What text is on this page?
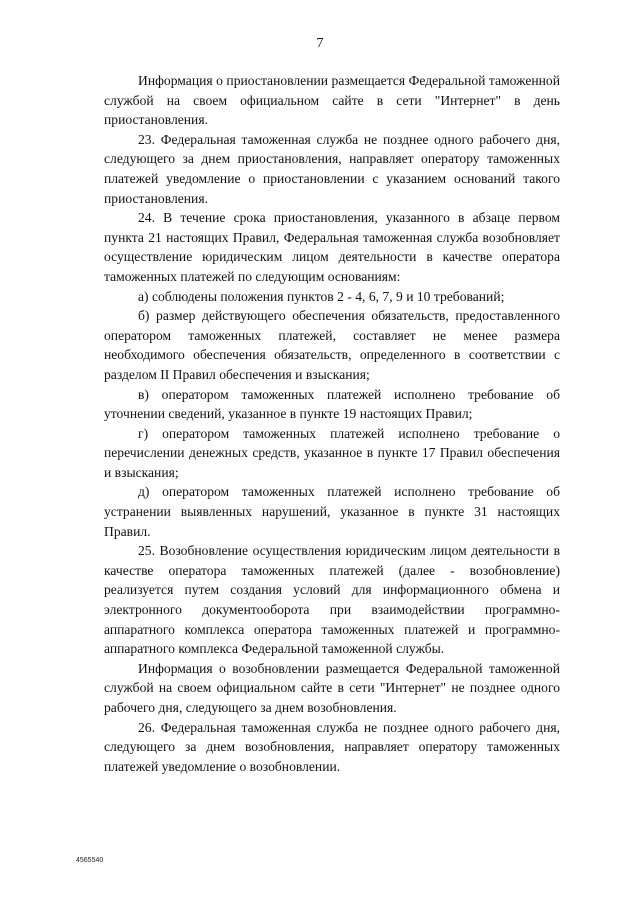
7

Информация о приостановлении размещается Федеральной таможенной службой на своем официальном сайте в сети "Интернет" в день приостановления.

23. Федеральная таможенная служба не позднее одного рабочего дня, следующего за днем приостановления, направляет оператору таможенных платежей уведомление о приостановлении с указанием оснований такого приостановления.

24. В течение срока приостановления, указанного в абзаце первом пункта 21 настоящих Правил, Федеральная таможенная служба возобновляет осуществление юридическим лицом деятельности в качестве оператора таможенных платежей по следующим основаниям:

а) соблюдены положения пунктов 2 - 4, 6, 7, 9 и 10 требований;

б) размер действующего обеспечения обязательств, предоставленного оператором таможенных платежей, составляет не менее размера необходимого обеспечения обязательств, определенного в соответствии с разделом II Правил обеспечения и взыскания;

в) оператором таможенных платежей исполнено требование об уточнении сведений, указанное в пункте 19 настоящих Правил;

г) оператором таможенных платежей исполнено требование о перечислении денежных средств, указанное в пункте 17 Правил обеспечения и взыскания;

д) оператором таможенных платежей исполнено требование об устранении выявленных нарушений, указанное в пункте 31 настоящих Правил.

25. Возобновление осуществления юридическим лицом деятельности в качестве оператора таможенных платежей (далее - возобновление) реализуется путем создания условий для информационного обмена и электронного документооборота при взаимодействии программно-аппаратного комплекса оператора таможенных платежей и программно-аппаратного комплекса Федеральной таможенной службы.

Информация о возобновлении размещается Федеральной таможенной службой на своем официальном сайте в сети "Интернет" не позднее одного рабочего дня, следующего за днем возобновления.

26. Федеральная таможенная служба не позднее одного рабочего дня, следующего за днем возобновления, направляет оператору таможенных платежей уведомление о возобновлении.

4565540
